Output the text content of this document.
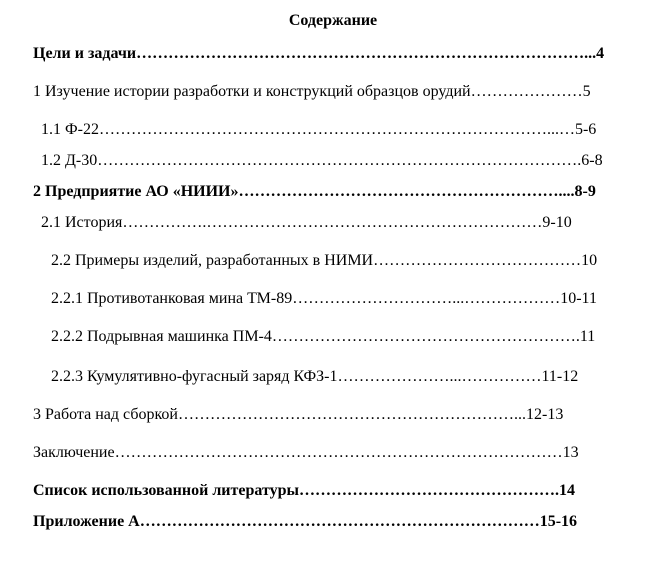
Содержание
Цели и задачи…………………………………………………………………………...4
1 Изучение истории разработки и конструкций образцов орудий…………………5
1.1 Ф-22…………………………………………………………………………...…5-6
1.2 Д-30……………………………………………………………………………….6-8
2 Предприятие АО «НИИИ»……………………………………………………....8-9
2.1 История…………….………………………………………………………9-10
2.2 Примеры изделий, разработанных в НИМИ…………………………………10
2.2.1 Противотанковая мина ТМ-89…………………………...………………10-11
2.2.2 Подрывная машинка ПМ-4………………………………………………….11
2.2.3 Кумулятивно-фугасный заряд КФЗ-1…………………...……………11-12
3 Работа над сборкой………………………………………………………...12-13
Заключение…………………………………………………………………………13
Список использованной литературы………………………………………….14
Приложение А…………………………………………………………………15-16
